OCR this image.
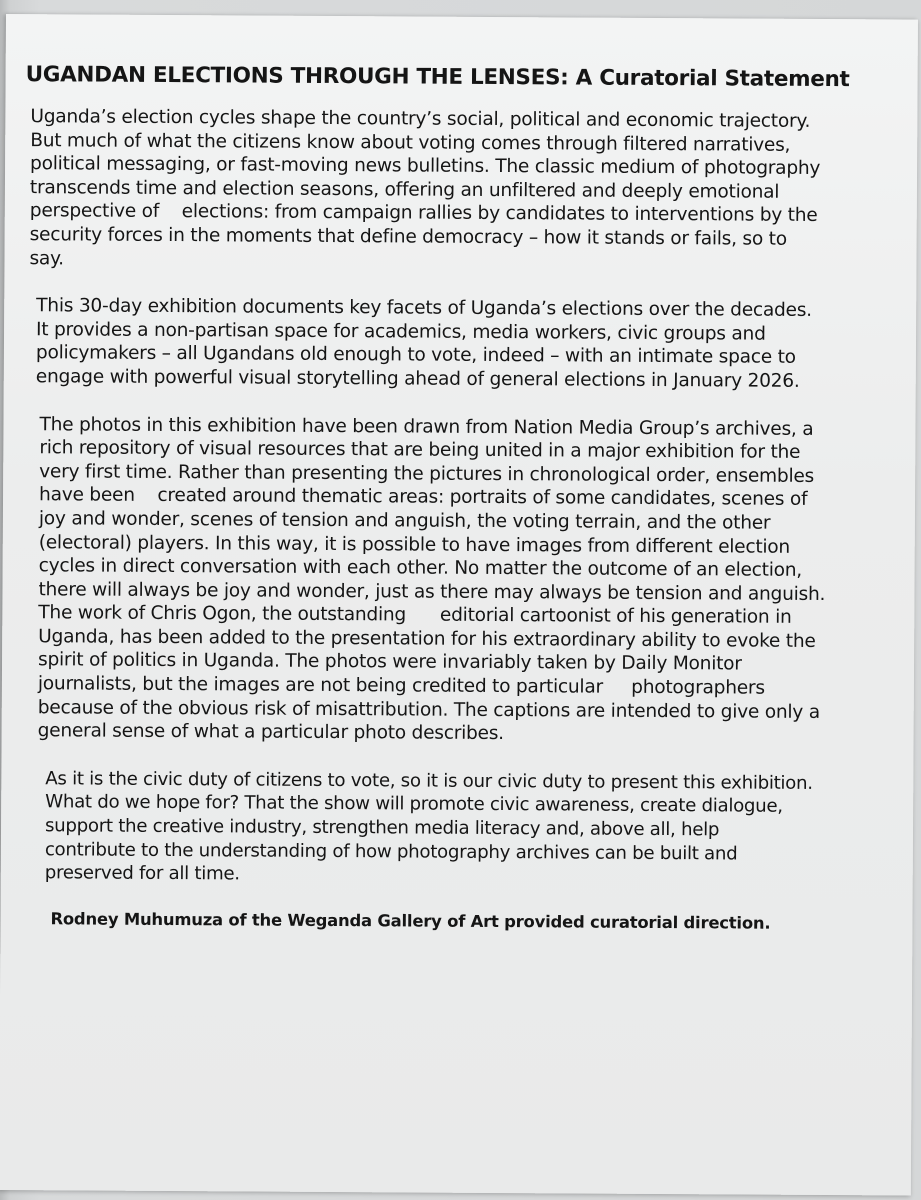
UGANDAN ELECTIONS THROUGH THE LENSES: A Curatorial Statement

Uganda’s election cycles shape the country’s social, political and economic trajectory.
But much of what the citizens know about voting comes through filtered narratives,
political messaging, or fast-moving news bulletins. The classic medium of photography
transcends time and election seasons, offering an unfiltered and deeply emotional
perspective of    elections: from campaign rallies by candidates to interventions by the
security forces in the moments that define democracy – how it stands or fails, so to
say.

This 30-day exhibition documents key facets of Uganda’s elections over the decades.
It provides a non-partisan space for academics, media workers, civic groups and
policymakers – all Ugandans old enough to vote, indeed – with an intimate space to
engage with powerful visual storytelling ahead of general elections in January 2026.

The photos in this exhibition have been drawn from Nation Media Group’s archives, a
rich repository of visual resources that are being united in a major exhibition for the
very first time. Rather than presenting the pictures in chronological order, ensembles
have been    created around thematic areas: portraits of some candidates, scenes of
joy and wonder, scenes of tension and anguish, the voting terrain, and the other
(electoral) players. In this way, it is possible to have images from different election
cycles in direct conversation with each other. No matter the outcome of an election,
there will always be joy and wonder, just as there may always be tension and anguish.
The work of Chris Ogon, the outstanding      editorial cartoonist of his generation in
Uganda, has been added to the presentation for his extraordinary ability to evoke the
spirit of politics in Uganda. The photos were invariably taken by Daily Monitor
journalists, but the images are not being credited to particular     photographers
because of the obvious risk of misattribution. The captions are intended to give only a
general sense of what a particular photo describes.

As it is the civic duty of citizens to vote, so it is our civic duty to present this exhibition.
What do we hope for? That the show will promote civic awareness, create dialogue,
support the creative industry, strengthen media literacy and, above all, help
contribute to the understanding of how photography archives can be built and
preserved for all time.

Rodney Muhumuza of the Weganda Gallery of Art provided curatorial direction.
